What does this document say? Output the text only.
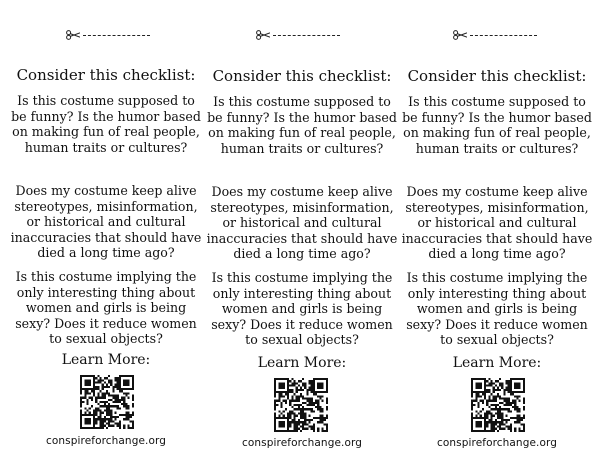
Consider this checklist:
Is this costume supposed to be funny? Is the humor based on making fun of real people, human traits or cultures?
Does my costume keep alive stereotypes, misinformation, or historical and cultural inaccuracies that should have died a long time ago?
Is this costume implying the only interesting thing about women and girls is being sexy? Does it reduce women to sexual objects?
Learn More:
conspireforchange.org
Consider this checklist:
Is this costume supposed to be funny? Is the humor based on making fun of real people, human traits or cultures?
Does my costume keep alive stereotypes, misinformation, or historical and cultural inaccuracies that should have died a long time ago?
Is this costume implying the only interesting thing about women and girls is being sexy? Does it reduce women to sexual objects?
Learn More:
conspireforchange.org
Consider this checklist:
Is this costume supposed to be funny? Is the humor based on making fun of real people, human traits or cultures?
Does my costume keep alive stereotypes, misinformation, or historical and cultural inaccuracies that should have died a long time ago?
Is this costume implying the only interesting thing about women and girls is being sexy? Does it reduce women to sexual objects?
Learn More:
conspireforchange.org
